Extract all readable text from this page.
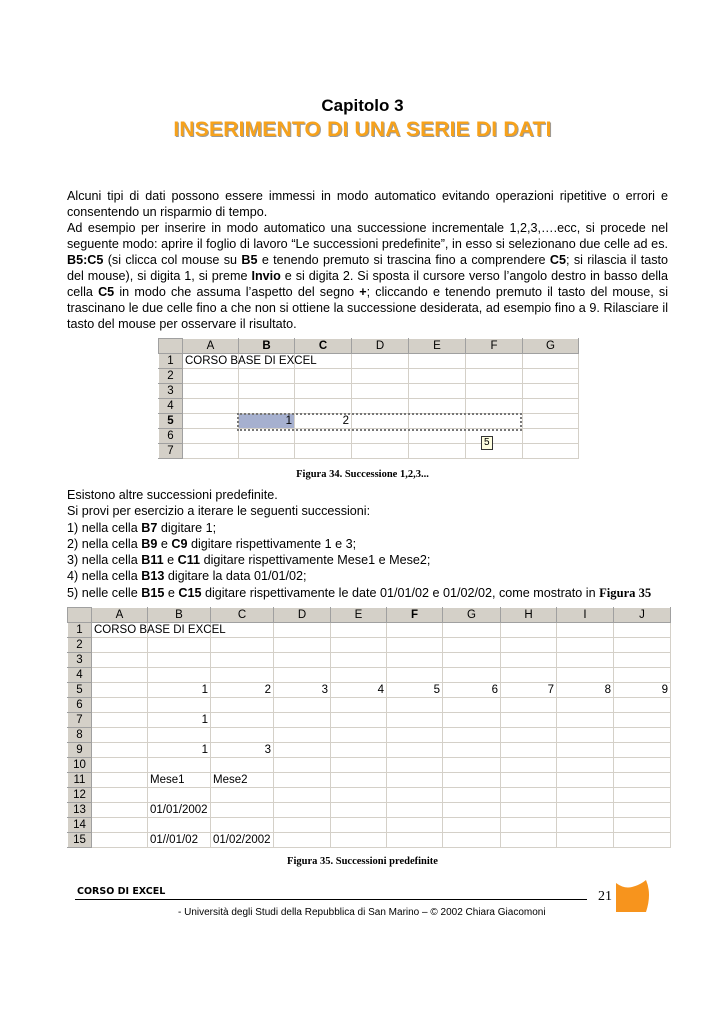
Capitolo 3
INSERIMENTO DI UNA SERIE DI DATI

Alcuni tipi di dati possono essere immessi in modo automatico evitando operazioni ripetitive o errori e consentendo un risparmio di tempo.

Ad esempio per inserire in modo automatico una successione incrementale 1,2,3,….ecc, si procede nel seguente modo: aprire il foglio di lavoro “Le successioni predefinite”, in esso si selezionano due celle ad es. B5:C5 (si clicca col mouse su B5 e tenendo premuto si trascina fino a comprendere C5; si rilascia il tasto del mouse), si digita 1, si preme Invio e si digita 2. Si sposta il cursore verso l’angolo destro in basso della cella C5 in modo che assuma l’aspetto del segno +; cliccando e tenendo premuto il tasto del mouse, si trascinano le due celle fino a che non si ottiene la successione desiderata, ad esempio fino a 9. Rilasciare il tasto del mouse per osservare il risultato.

	A	B	C	D	E	F	G
1	CORSO BASE DI EXCEL						
2							
3							
4							
5		1	2				
6							
7							
5
Figura 34. Successione 1,2,3...
Esistono altre successioni predefinite.
Si provi per esercizio a iterare le seguenti successioni:
1) nella cella B7 digitare 1;
2) nella cella B9 e C9 digitare rispettivamente 1 e 3;
3) nella cella B11 e C11 digitare rispettivamente Mese1 e Mese2;
4) nella cella B13 digitare la data 01/01/02;
5) nelle celle B15 e C15 digitare rispettivamente le date 01/01/02 e 01/02/02, come mostrato in Figura 35
	A	B	C	D	E	F	G	H	I	J
1	CORSO BASE DI EXCEL									
2										
3										
4										
5		1	2	3	4	5	6	7	8	9
6										
7		1								
8										
9		1	3							
10										
11		Mese1	Mese2							
12										
13		01/01/2002								
14										
15		01//01/02	01/02/2002							
Figura 35. Successioni predefinite
CORSO DI EXCEL
- Università degli Studi della Repubblica di San Marino – © 2002 Chiara Giacomoni
21
